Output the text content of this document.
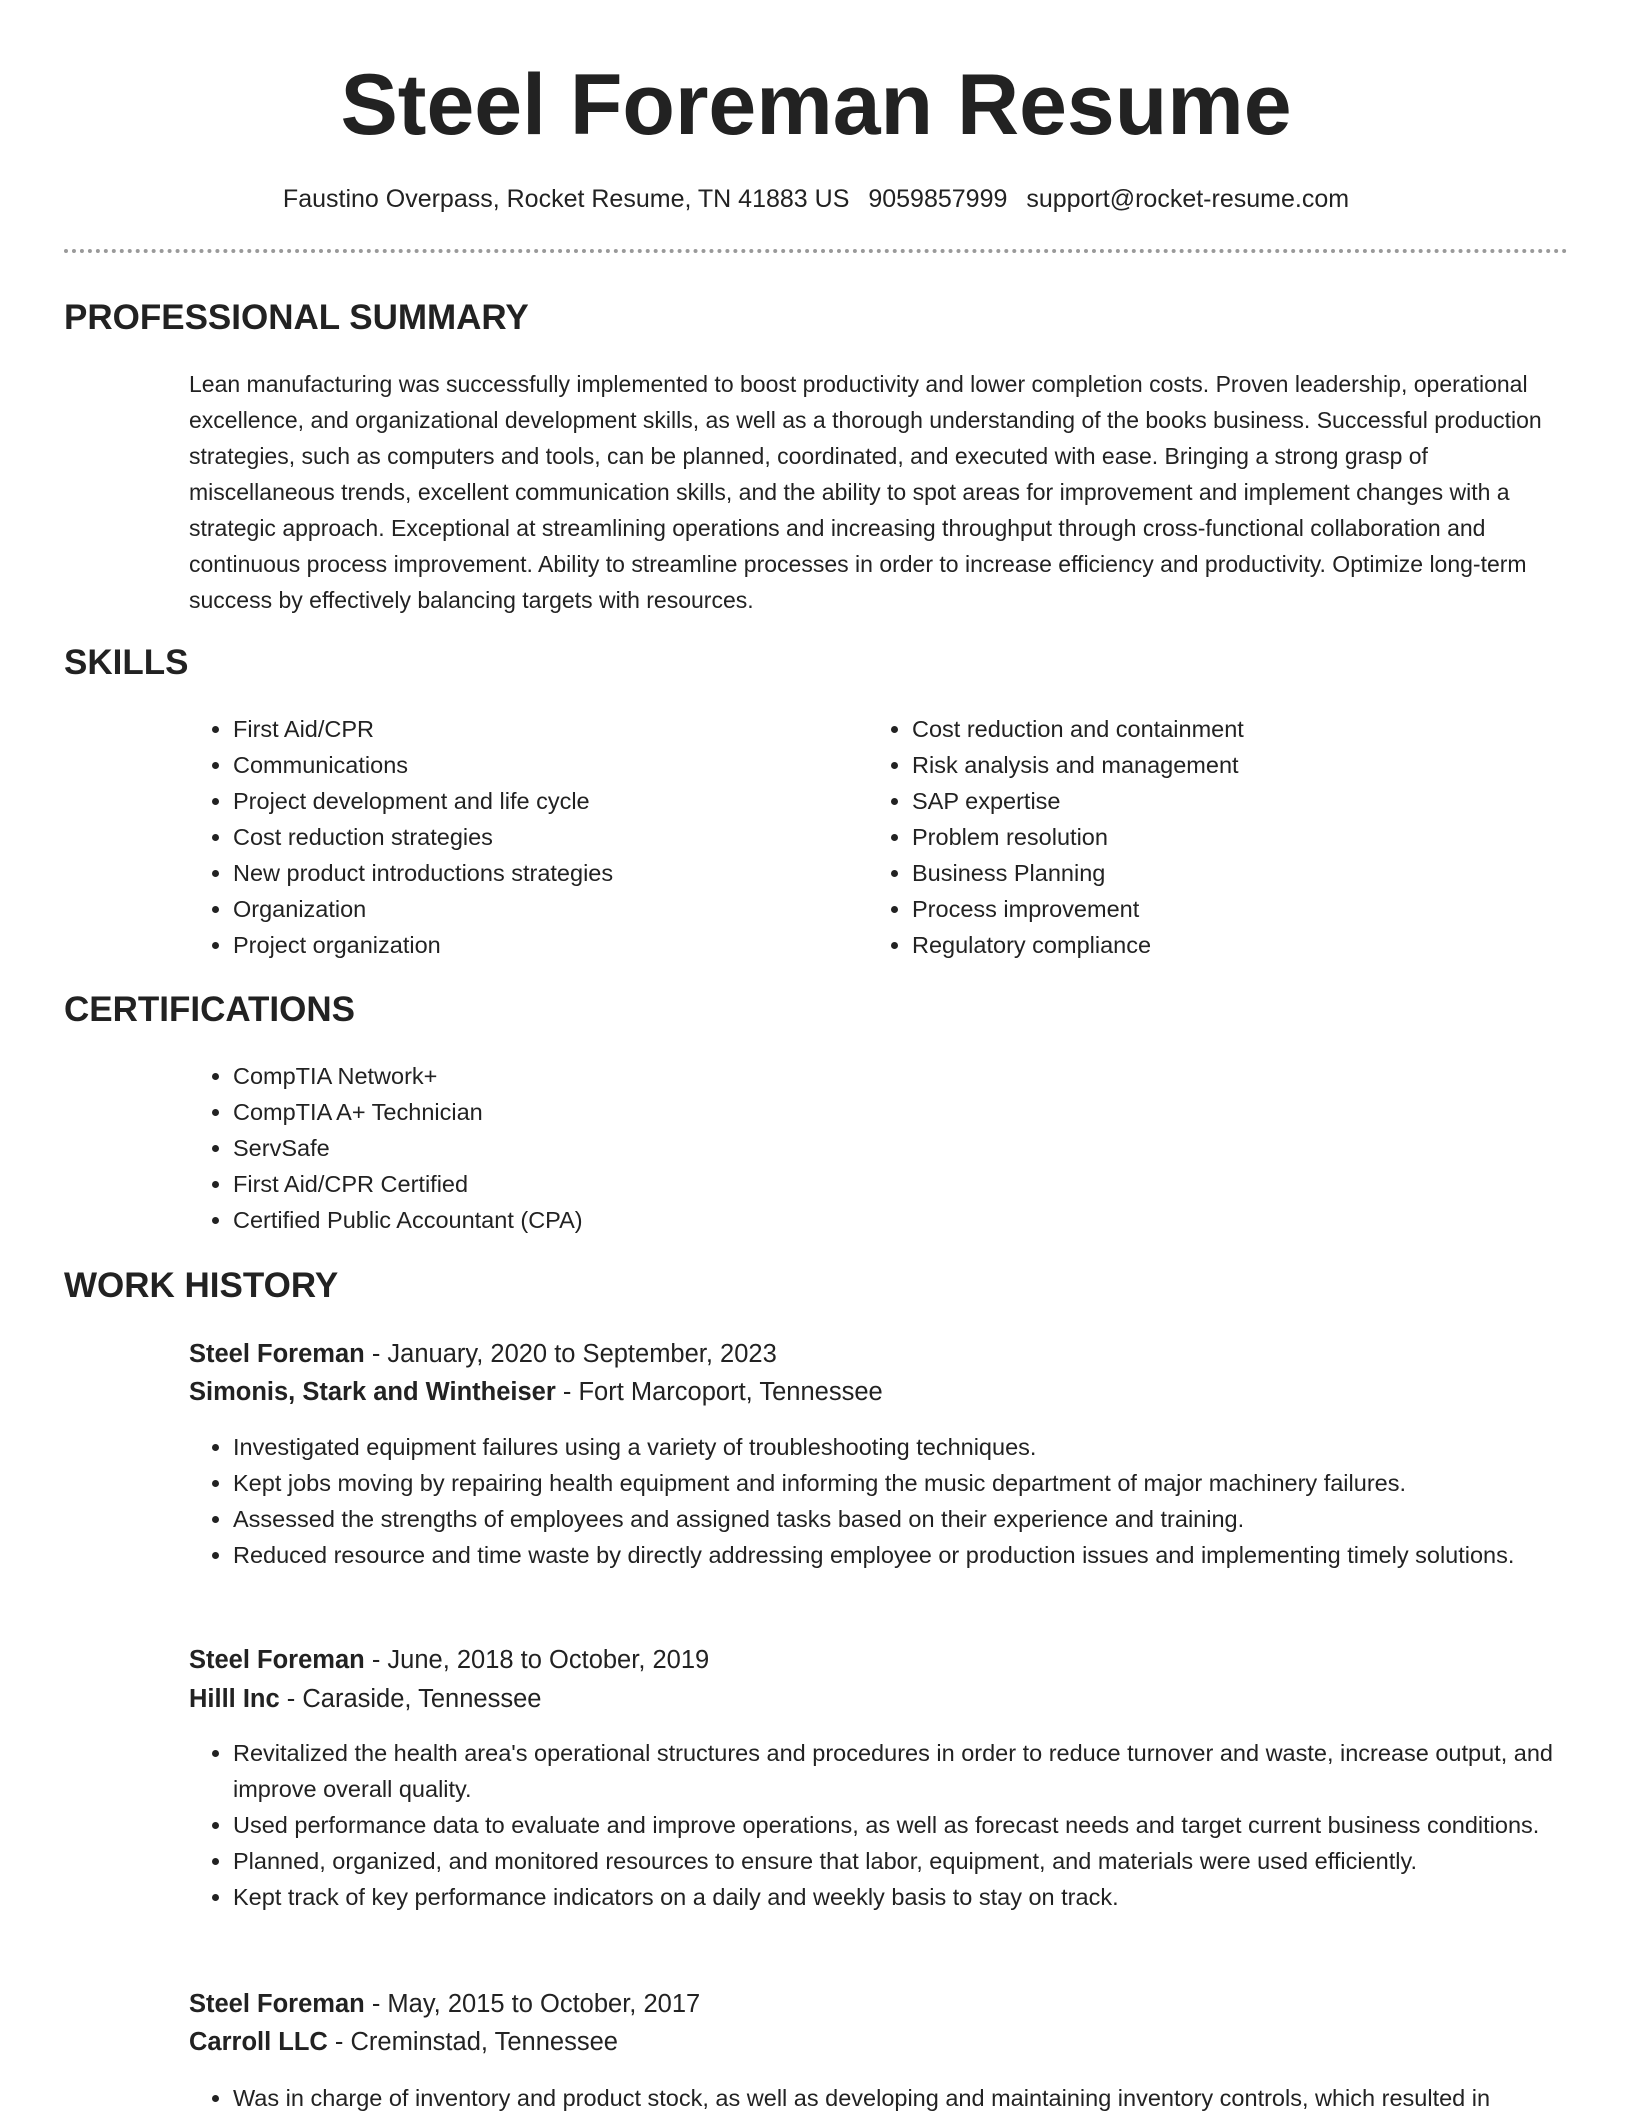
Steel Foreman Resume
Faustino Overpass, Rocket Resume, TN 41883 US 9059857999 support@rocket-resume.com
PROFESSIONAL SUMMARY

Lean manufacturing was successfully implemented to boost productivity and lower completion costs. Proven leadership, operational excellence, and organizational development skills, as well as a thorough understanding of the books business. Successful production strategies, such as computers and tools, can be planned, coordinated, and executed with ease. Bringing a strong grasp of miscellaneous trends, excellent communication skills, and the ability to spot areas for improvement and implement changes with a strategic approach. Exceptional at streamlining operations and increasing throughput through cross-functional collaboration and continuous process improvement. Ability to streamline processes in order to increase efficiency and productivity. Optimize long-term success by effectively balancing targets with resources.

SKILLS
• First Aid/CPR
• Communications
• Project development and life cycle
• Cost reduction strategies
• New product introductions strategies
• Organization
• Project organization
• Cost reduction and containment
• Risk analysis and management
• SAP expertise
• Problem resolution
• Business Planning
• Process improvement
• Regulatory compliance
CERTIFICATIONS
• CompTIA Network+
• CompTIA A+ Technician
• ServSafe
• First Aid/CPR Certified
• Certified Public Accountant (CPA)
WORK HISTORY
Steel Foreman - January, 2020 to September, 2023
Simonis, Stark and Wintheiser - Fort Marcoport, Tennessee
• Investigated equipment failures using a variety of troubleshooting techniques.
• Kept jobs moving by repairing health equipment and informing the music department of major machinery failures.
• Assessed the strengths of employees and assigned tasks based on their experience and training.
• Reduced resource and time waste by directly addressing employee or production issues and implementing timely solutions.
Steel Foreman - June, 2018 to October, 2019
Hilll Inc - Caraside, Tennessee
• Revitalized the health area's operational structures and procedures in order to reduce turnover and waste, increase output, and improve overall quality.
• Used performance data to evaluate and improve operations, as well as forecast needs and target current business conditions.
• Planned, organized, and monitored resources to ensure that labor, equipment, and materials were used efficiently.
• Kept track of key performance indicators on a daily and weekly basis to stay on track.
Steel Foreman - May, 2015 to October, 2017
Carroll LLC - Creminstad, Tennessee
• Was in charge of inventory and product stock, as well as developing and maintaining inventory controls, which resulted in
